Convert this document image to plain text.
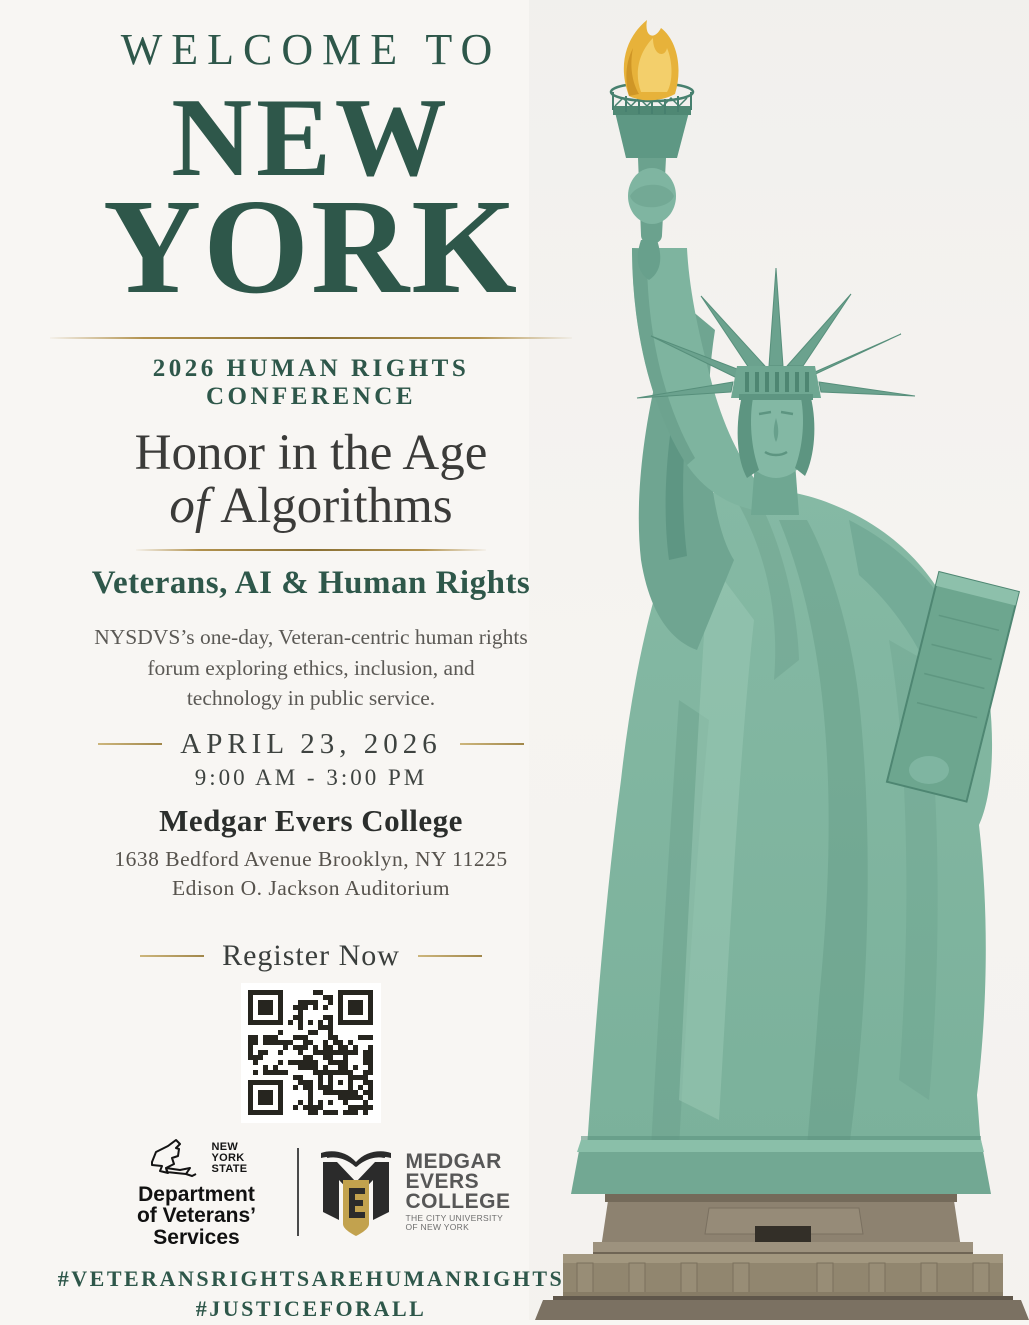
WELCOME TO
NEW
YORK
2026 HUMAN RIGHTS CONFERENCE
Honor in the Age
of Algorithms
Veterans, AI & Human Rights
NYSDVS’s one-day, Veteran-centric human rights
forum exploring ethics, inclusion, and
technology in public service.
APRIL 23, 2026
9:00 AM - 3:00 PM
Medgar Evers College
1638 Bedford Avenue Brooklyn, NY 11225
Edison O. Jackson Auditorium
Register Now
NEW
YORK
STATE
Department
of Veterans’
Services
MEDGAR
EVERS
COLLEGE
THE CITY UNIVERSITY
OF NEW YORK
#VETERANSRIGHTSAREHUMANRIGHTS
#JUSTICEFORALL
